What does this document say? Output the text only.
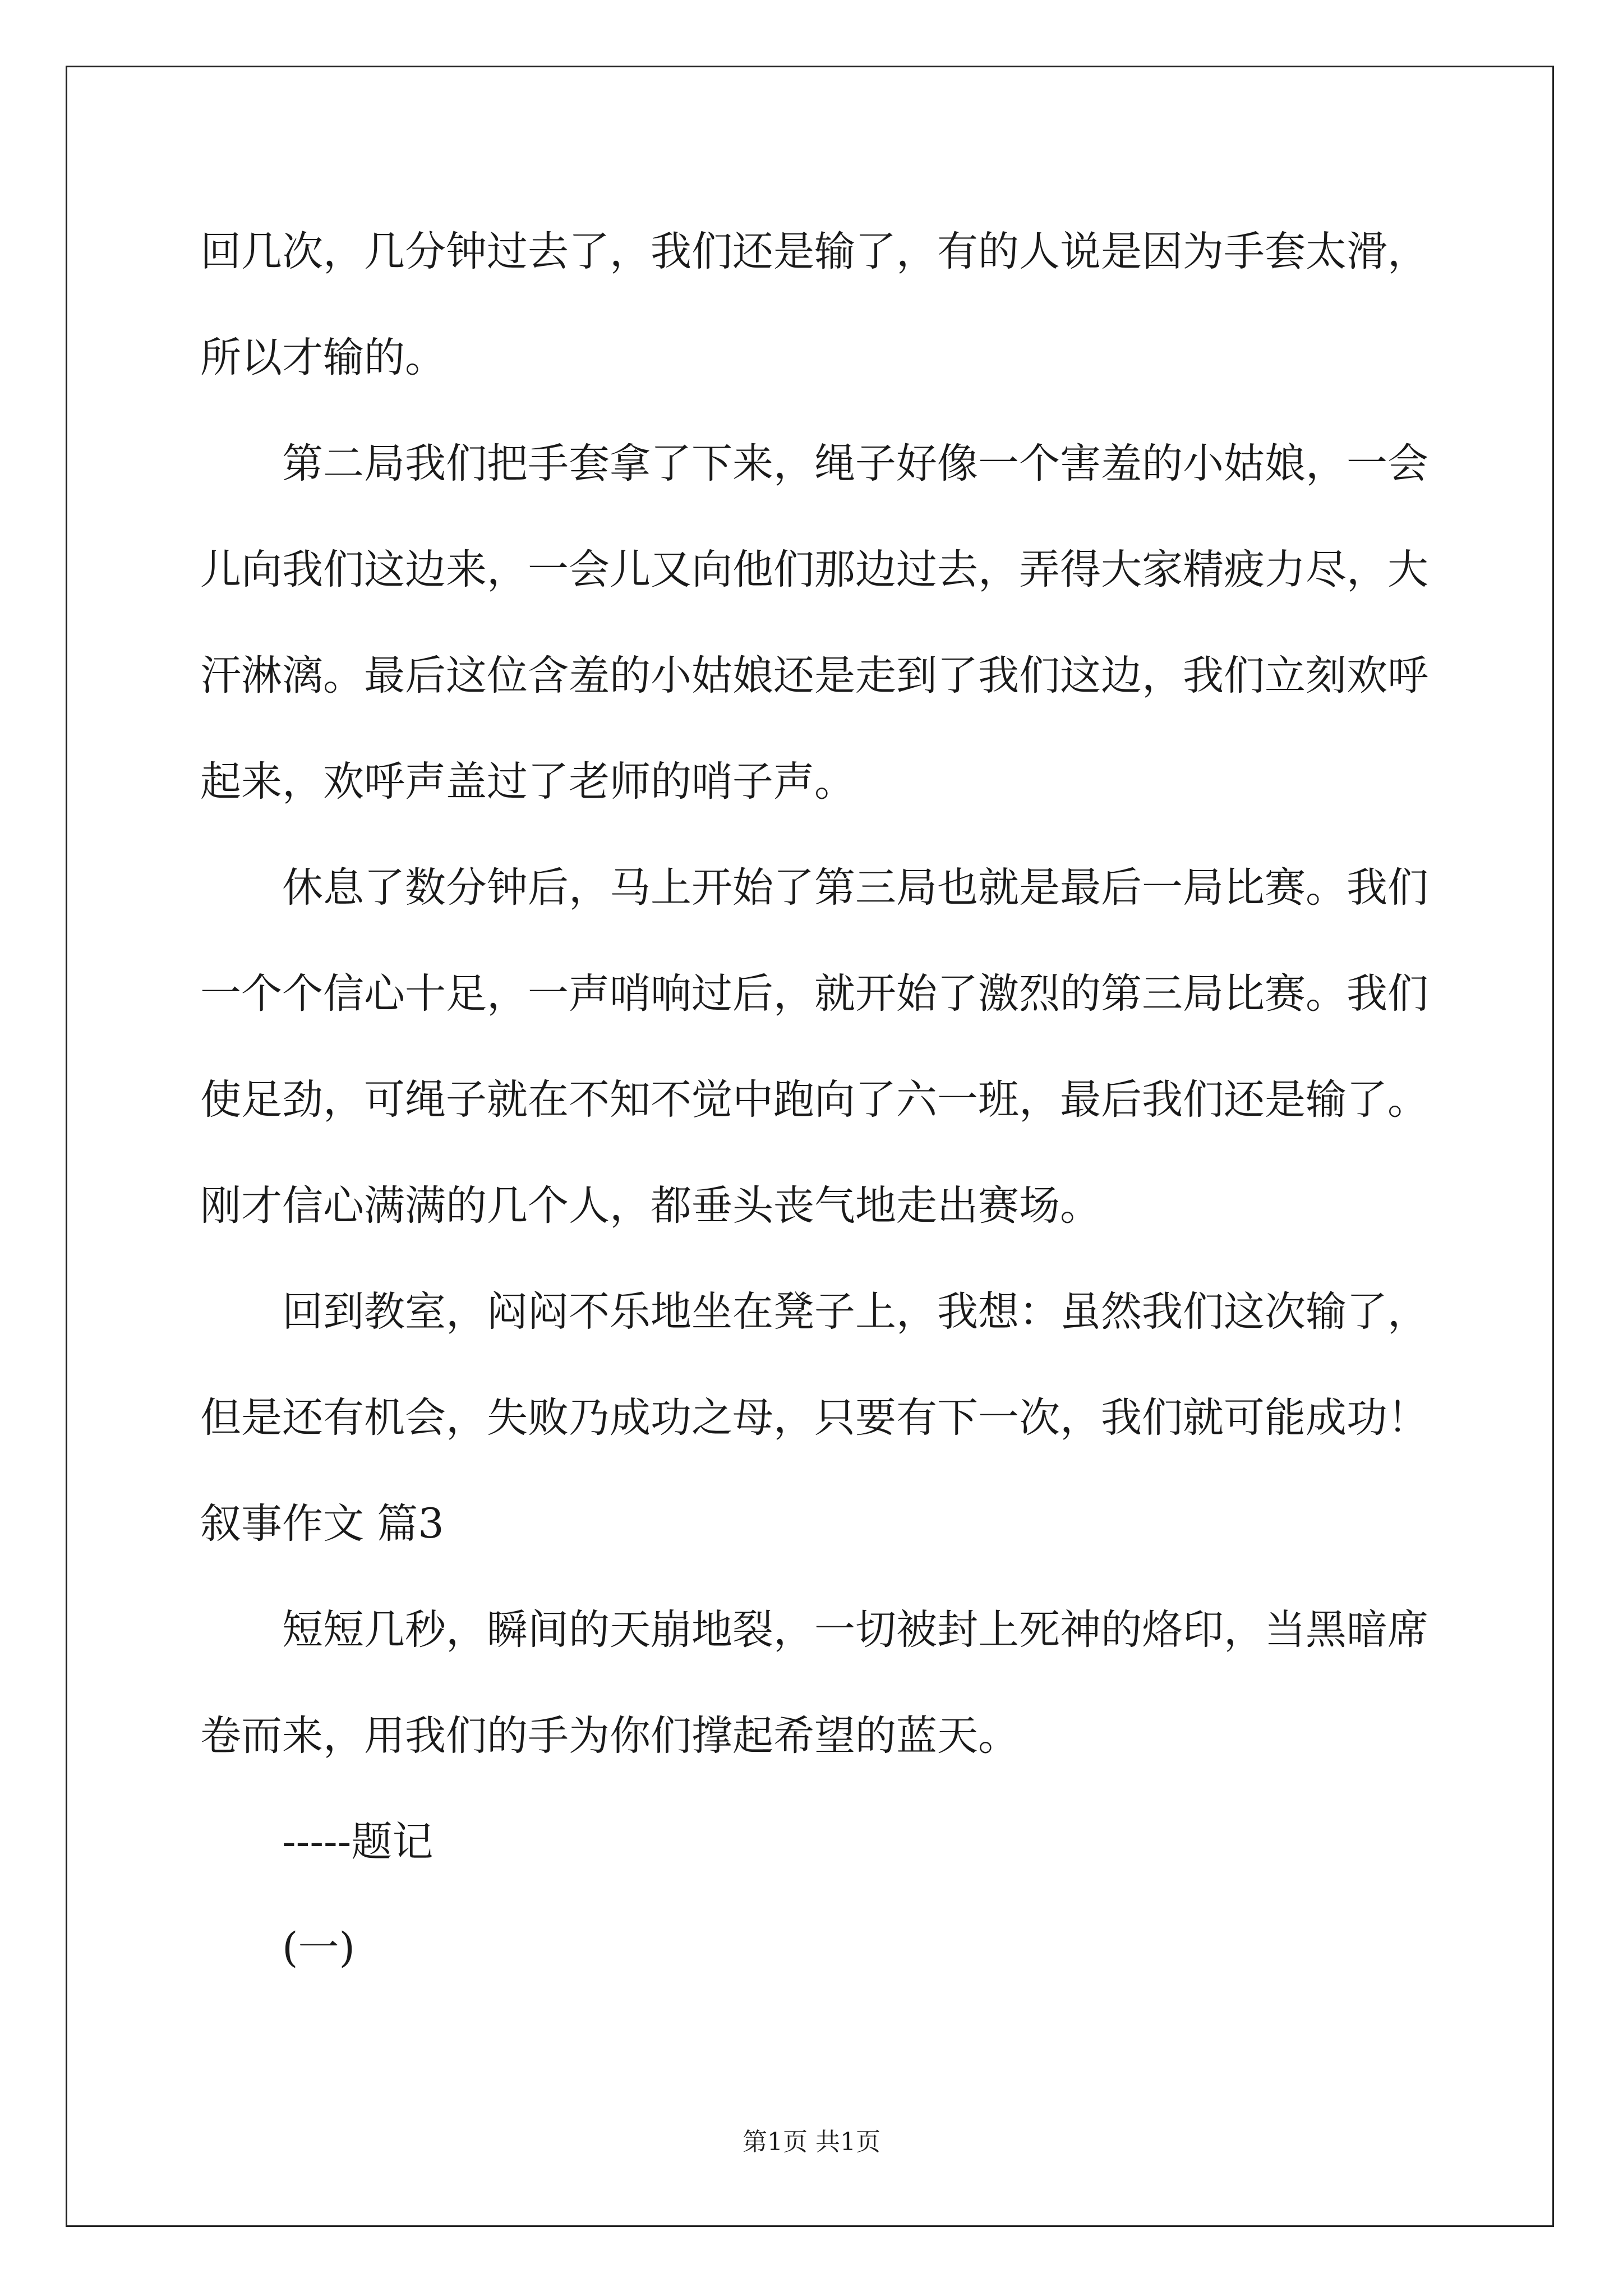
回几次，几分钟过去了，我们还是输了，有的人说是因为手套太滑，
所以才输的。
第二局我们把手套拿了下来，绳子好像一个害羞的小姑娘，一会
儿向我们这边来，一会儿又向他们那边过去，弄得大家精疲力尽，大
汗淋漓。最后这位含羞的小姑娘还是走到了我们这边，我们立刻欢呼
起来，欢呼声盖过了老师的哨子声。
休息了数分钟后，马上开始了第三局也就是最后一局比赛。我们
一个个信心十足，一声哨响过后，就开始了激烈的第三局比赛。我们
使足劲，可绳子就在不知不觉中跑向了六一班，最后我们还是输了。
刚才信心满满的几个人，都垂头丧气地走出赛场。
回到教室，闷闷不乐地坐在凳子上，我想：虽然我们这次输了，
但是还有机会，失败乃成功之母，只要有下一次，我们就可能成功！
叙事作文 篇3
短短几秒，瞬间的天崩地裂，一切被封上死神的烙印，当黑暗席
卷而来，用我们的手为你们撑起希望的蓝天。
-----题记
(一)
第1页 共1页
